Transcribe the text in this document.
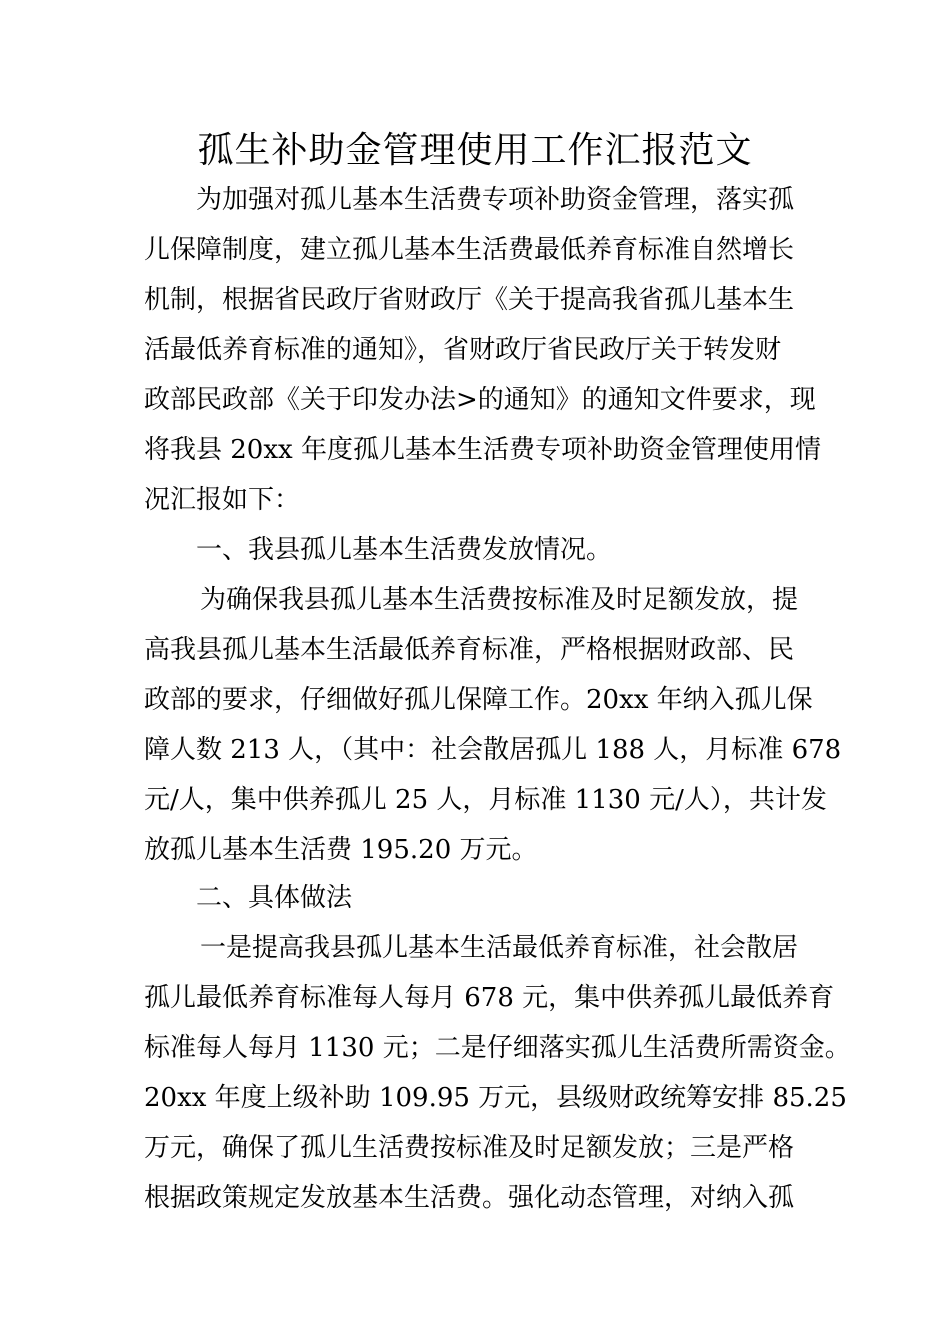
孤生补助金管理使用工作汇报范文

为加强对孤儿基本生活费专项补助资金管理，落实孤

儿保障制度，建立孤儿基本生活费最低养育标准自然增长

机制，根据省民政厅省财政厅《关于提高我省孤儿基本生

活最低养育标准的通知》，省财政厅省民政厅关于转发财

政部民政部《关于印发办法>的通知》的通知文件要求，现

将我县 20xx 年度孤儿基本生活费专项补助资金管理使用情

况汇报如下：

一、我县孤儿基本生活费发放情况。

为确保我县孤儿基本生活费按标准及时足额发放，提

高我县孤儿基本生活最低养育标准，严格根据财政部、民

政部的要求，仔细做好孤儿保障工作。20xx 年纳入孤儿保

障人数 213 人，（其中：社会散居孤儿 188 人，月标准 678

元/人，集中供养孤儿 25 人，月标准 1130 元/人），共计发

放孤儿基本生活费 195.20 万元。

二、具体做法

一是提高我县孤儿基本生活最低养育标准，社会散居

孤儿最低养育标准每人每月 678 元，集中供养孤儿最低养育

标准每人每月 1130 元；二是仔细落实孤儿生活费所需资金。

20xx 年度上级补助 109.95 万元，县级财政统筹安排 85.25

万元，确保了孤儿生活费按标准及时足额发放；三是严格

根据政策规定发放基本生活费。强化动态管理，对纳入孤
